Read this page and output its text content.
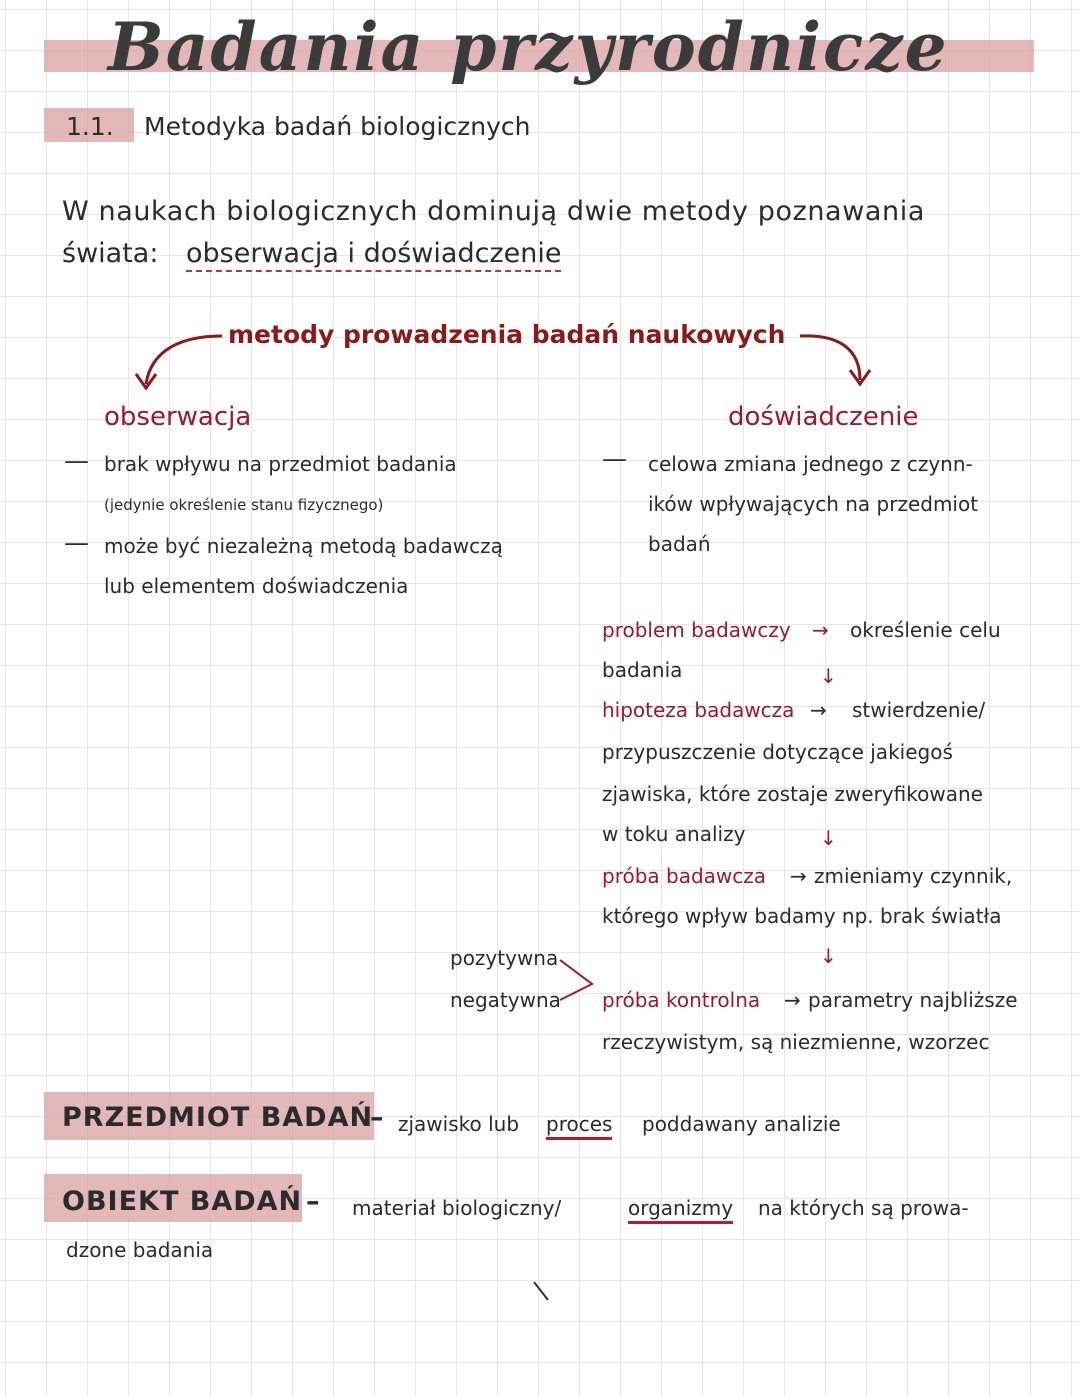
Badania przyrodnicze
1.1. Metodyka badań biologicznych
W naukach biologicznych dominują dwie metody poznawania
świata: obserwacja i doświadczenie
metody prowadzenia badań naukowych
obserwacja
— brak wpływu na przedmiot badania
(jedynie określenie stanu fizycznego)
— może być niezależną metodą badawczą
lub elementem doświadczenia
doświadczenie
— celowa zmiana jednego z czynn-
ików wpływających na przedmiot
badań
problem badawczy → określenie celu
badania	↓
hipoteza badawcza → stwierdzenie/
przypuszczenie dotyczące jakiegoś
zjawiska, które zostaje zweryfikowane
w toku analizy	↓
próba badawcza → zmieniamy czynnik,
którego wpływ badamy np. brak światła
↓
pozytywna
negatywna próba kontrolna → parametry najbliższe
rzeczywistym, są niezmienne, wzorzec
PRZEDMIOT BADAŃ
– zjawisko lub proces poddawany analizie
OBIEKT BADAŃ – materiał biologiczny/	organizmy na których są prowa-
dzone badania
